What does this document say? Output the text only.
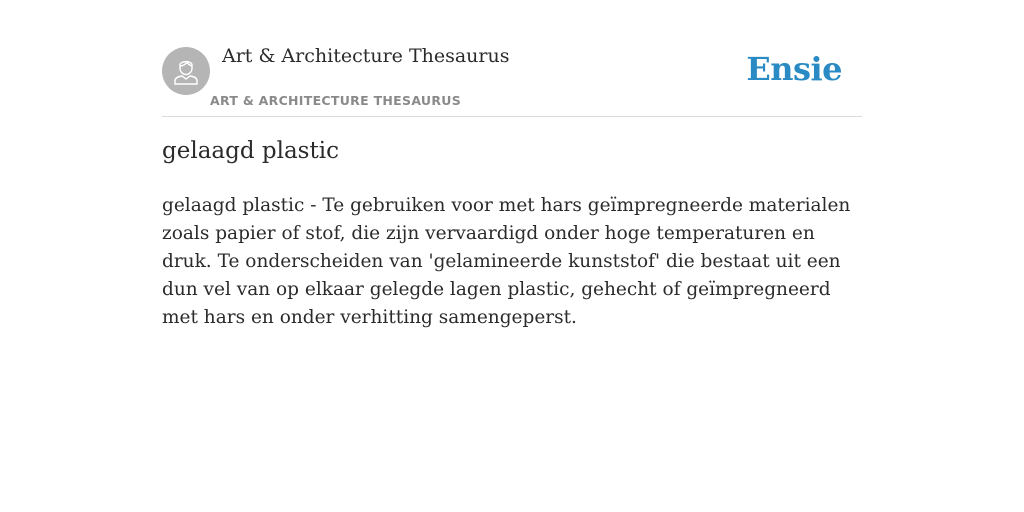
Art & Architecture Thesaurus
ART & ARCHITECTURE THESAURUS
Ensie
gelaagd plastic

gelaagd plastic - Te gebruiken voor met hars geïmpregneerde materialen zoals papier of stof, die zijn vervaardigd onder hoge temperaturen en druk. Te onderscheiden van 'gelamineerde kunststof' die bestaat uit een dun vel van op elkaar gelegde lagen plastic, gehecht of geïmpregneerd met hars en onder verhitting samengeperst.
